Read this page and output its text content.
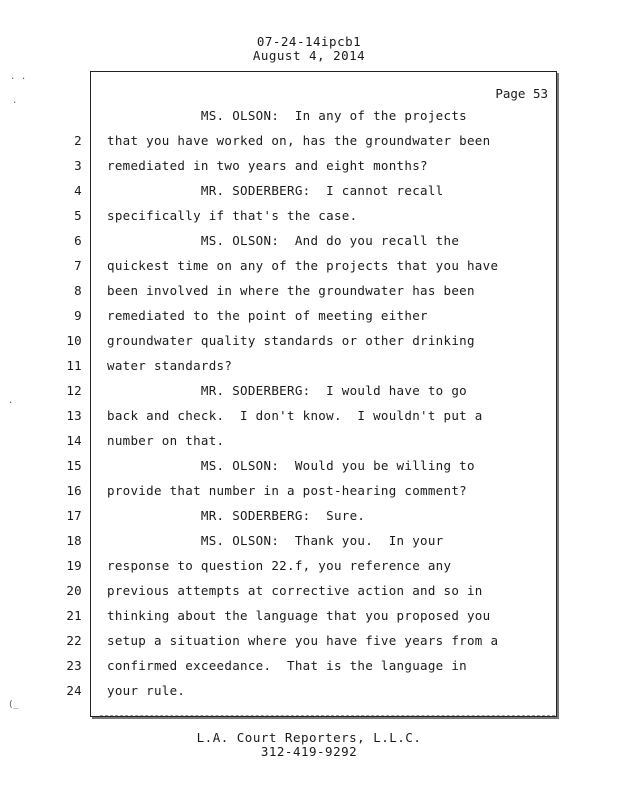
07-24-14ipcb1
August 4, 2014
. .
.
.
(_
Page 53
MS. OLSON:  In any of the projects
2 that you have worked on, has the groundwater been
3 remediated in two years and eight months?
4 MR. SODERBERG:  I cannot recall
5 specifically if that's the case.
6 MS. OLSON:  And do you recall the
7 quickest time on any of the projects that you have
8 been involved in where the groundwater has been
9 remediated to the point of meeting either
10 groundwater quality standards or other drinking
11 water standards?
12 MR. SODERBERG:  I would have to go
13 back and check.  I don't know.  I wouldn't put a
14 number on that.
15 MS. OLSON:  Would you be willing to
16 provide that number in a post-hearing comment?
17 MR. SODERBERG:  Sure.
18 MS. OLSON:  Thank you.  In your
19 response to question 22.f, you reference any
20 previous attempts at corrective action and so in
21 thinking about the language that you proposed you
22 setup a situation where you have five years from a
23 confirmed exceedance.  That is the language in
24 your rule.
L.A. Court Reporters, L.L.C.
312-419-9292
